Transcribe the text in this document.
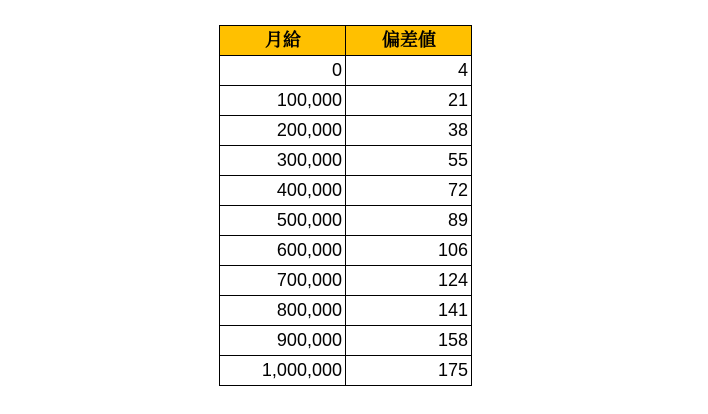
月給	偏差値
0	4
100,000	21
200,000	38
300,000	55
400,000	72
500,000	89
600,000	106
700,000	124
800,000	141
900,000	158
1,000,000	175
